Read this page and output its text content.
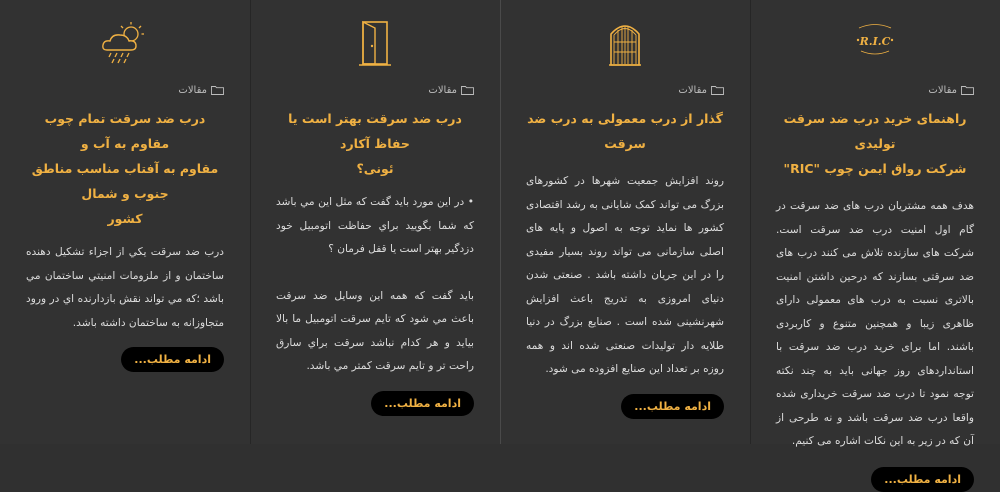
R.I.C
مقالات
راهنمای خرید درب ضد سرقت تولیدی
شرکت رواق ایمن چوب "RIC"

هدف همه مشتریان درب های ضد سرقت در گام اول امنیت درب ضد سرقت است. شرکت های سازنده تلاش می کنند درب های ضد سرقتی بسازند که درحین داشتن امنیت بالاتری نسبت به درب های معمولی دارای ظاهری زیبا و همچنین متنوع و کاربردی باشند. اما برای خرید درب ضد سرقت با استانداردهای روز جهانی باید به چند نکته توجه نمود تا درب ضد سرقت خریداری شده واقعا درب ضد سرقت باشد و نه طرحی از آن که در زیر به این نکات اشاره می کنیم.

ادامه مطلب...
مقالات
گذار از درب معمولی به درب ضد سرقت

روند افزایش جمعیت شهرها در کشورهای بزرگ می تواند کمک شایانی به رشد اقتصادی کشور ها نماید توجه به اصول و پایه های اصلی سازمانی می تواند روند بسیار مفیدی را در این جریان داشته باشد . صنعتی شدن دنیای امروزی به تدریج باعث افزایش شهرنشینی شده است . صنایع بزرگ در دنیا طلایه دار تولیدات صنعتی شده اند و همه روزه بر تعداد این صنایع افزوده می شود.

ادامه مطلب...
مقالات
درب ضد سرقت بهتر است یا حفاظ آکارد
ئونی؟

• در این مورد بايد گفت كه مثل اين مي باشد كه شما بگوييد براي حفاظت اتومبيل خود دزدگير بهتر است يا قفل فرمان ؟

بايد گفت كه همه اين وسايل ضد سرقت باعث مي شود كه تايم سرقت اتومبيل ما بالا بيايد و هر كدام نباشد سرقت براي سارق راحت تر و تايم سرقت كمتر مي باشد.

ادامه مطلب...
مقالات
درب ضد سرقت تمام چوب مقاوم به آب و
مقاوم به آفتاب مناسب مناطق جنوب و شمال
کشور

درب ضد سرقت يكي از اجزاء تشكيل دهنده ساختمان و از ملزومات امنيتي ساختمان مي باشد ؛كه مي تواند نقش بازدارنده اي در ورود متجاوزانه به ساختمان داشته باشد.

ادامه مطلب...
